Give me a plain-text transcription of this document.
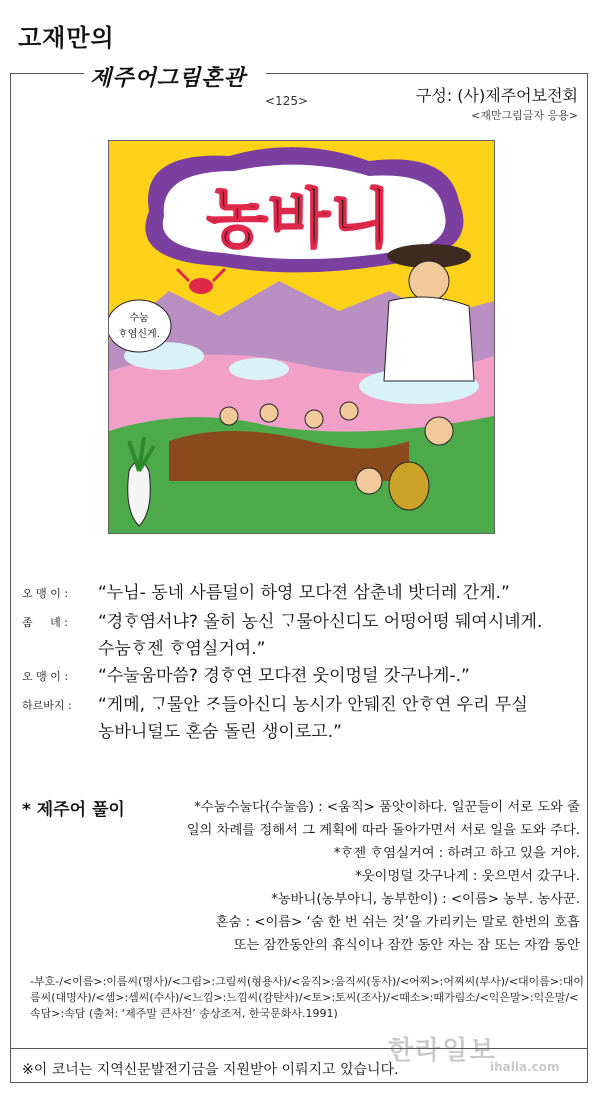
고재만의
제주어그림혼관
<125>	구성: (사)제주어보전회
<재만그림글자 응용>
농바니
수눔
ᄒᆞ염신게.
오 맹 이 :	“누님- 동네 사름덜이 하영 모다젼 삼춘네 밧더레 간게.”
좀     녜 :	“경ᄒᆞ염서냐? 올히 농신 ᄀᆞ물아신디도 어떵어떵 뒈여시녜게.
수눔ᄒᆞ젠 ᄒᆞ염실거여.”
오 맹 이 :	“수눌움마씀? 경ᄒᆞ연 모다젼 웃이멍덜 갓구나게-.”
하르바지 :	“게메, ᄀᆞ물안 ᄌᆞ들아신디 농시가 안뒈진 안ᄒᆞ연 우리 무실
농바니덜도 혼숨 돌린 생이로고.”
* 제주어 풀이	*수눔수눌다(수눌음) : <움직> 품앗이하다. 일꾼들이 서로 도와 줄
일의 차례를 정해서 그 계획에 따라 돌아가면서 서로 일을 도와 주다.
*ᄒᆞ젠 ᄒᆞ염실거여 : 하려고 하고 있을 거야.
*웃이멍덜 갓구나게 : 웃으면서 갔구나.
*농바니(농부아니, 농부한이) : <이름> 농부. 농사꾼.
혼숨 : <이름> ‘숨 한 번 쉬는 것’을 가리키는 말로 한번의 호흡
또는 잠깐동안의 휴식이나 잠깐 동안 자는 잠 또는 자깜 동안
-부호-/<이름>:이름씨(명사)/<그림>:그림씨(형용사)/<움직>:움직씨(동사)/<어찌>:어찌씨(부사)/<대이름>:대이름씨(대명사)/<셈>:셈씨(수사)/<느낌>:느낌씨(감탄사)/<토>:토씨(조사)/<때소>:때가림소/<익은말>:익은말/<속담>:속담 (출처: ‘제주말 큰사전’ 송상조저, 한국문화사.1991)
한라일보
ihalla.com
※이 코너는 지역신문발전기금을 지원받아 이뤄지고 있습니다.
